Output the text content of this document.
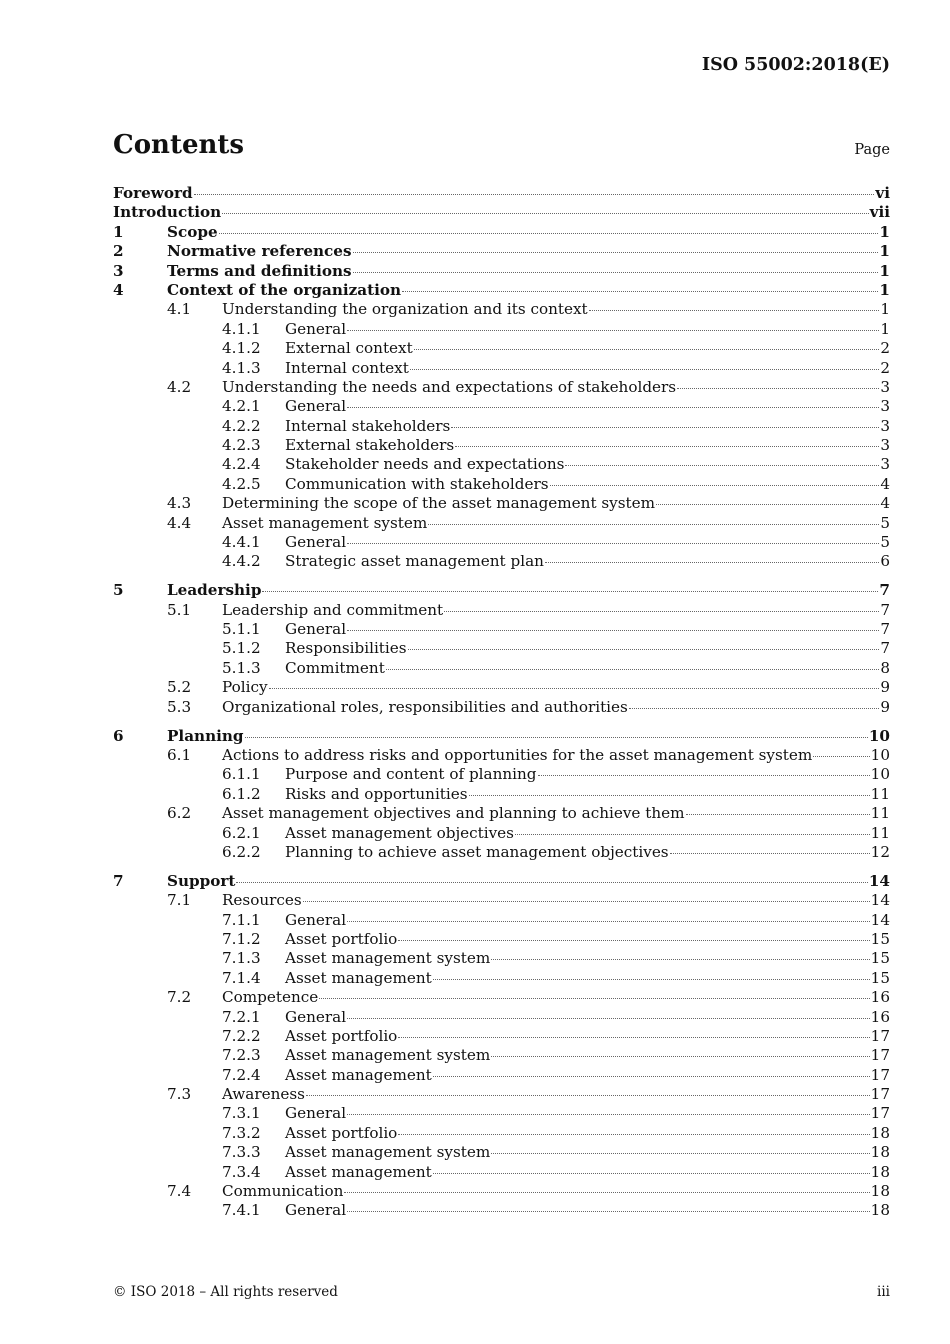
ISO 55002:2018(E)
Contents	Page
Foreword	vi
Introduction	vii
1	Scope	1
2	Normative references	1
3	Terms and definitions	1
4	Context of the organization	1
4.1 Understanding the organization and its context	1
4.1.1 General	1
4.1.2 External context	2
4.1.3 Internal context	2
4.2 Understanding the needs and expectations of stakeholders	3
4.2.1 General	3
4.2.2 Internal stakeholders	3
4.2.3 External stakeholders	3
4.2.4 Stakeholder needs and expectations	3
4.2.5 Communication with stakeholders	4
4.3 Determining the scope of the asset management system	4
4.4 Asset management system	5
4.4.1 General	5
4.4.2 Strategic asset management plan	6
5	Leadership	7
5.1 Leadership and commitment	7
5.1.1 General	7
5.1.2 Responsibilities	7
5.1.3 Commitment	8
5.2 Policy	9
5.3 Organizational roles, responsibilities and authorities	9
6	Planning	10
6.1 Actions to address risks and opportunities for the asset management system	10
6.1.1 Purpose and content of planning	10
6.1.2 Risks and opportunities	11
6.2 Asset management objectives and planning to achieve them	11
6.2.1 Asset management objectives	11
6.2.2 Planning to achieve asset management objectives	12
7	Support	14
7.1 Resources	14
7.1.1 General	14
7.1.2 Asset portfolio	15
7.1.3 Asset management system	15
7.1.4 Asset management	15
7.2 Competence	16
7.2.1 General	16
7.2.2 Asset portfolio	17
7.2.3 Asset management system	17
7.2.4 Asset management	17
7.3 Awareness	17
7.3.1 General	17
7.3.2 Asset portfolio	18
7.3.3 Asset management system	18
7.3.4 Asset management	18
7.4 Communication	18
7.4.1 General	18
© ISO 2018 – All rights reserved	iii
